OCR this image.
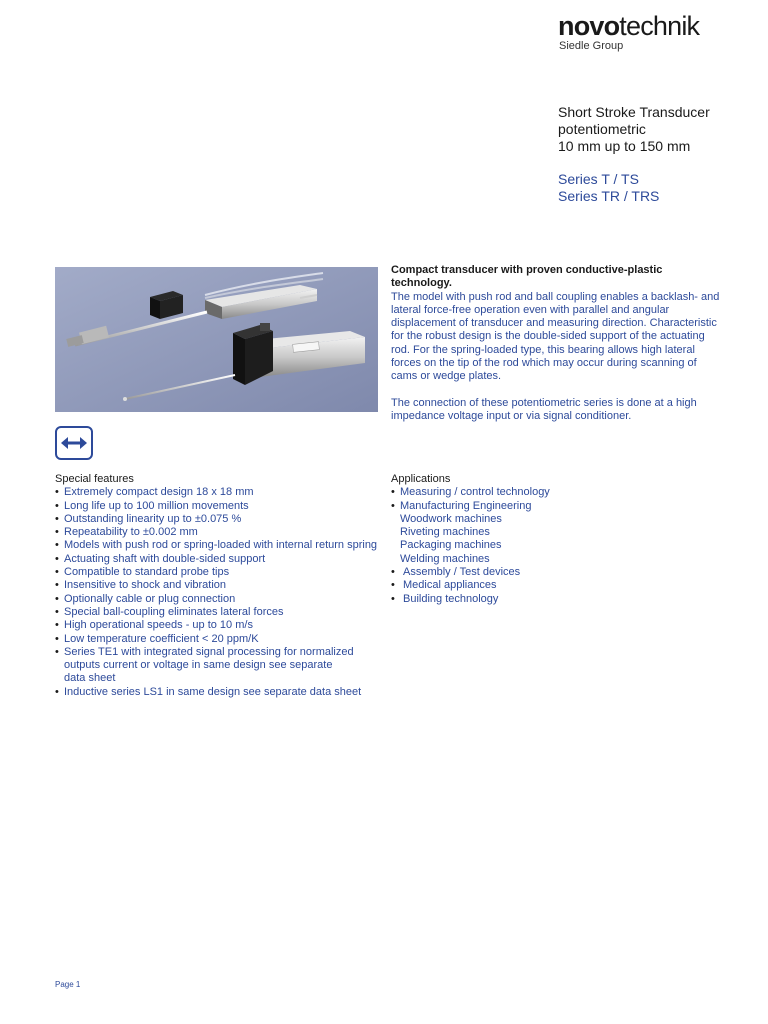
novotechnik
Siedle Group
Short Stroke Transducer
potentiometric
10 mm up to 150 mm
Series T / TS
Series TR / TRS
Compact transducer with proven conductive-plastic technology.
The model with push rod and ball coupling enables a backlash- and lateral force-free operation even with parallel and angular displacement of transducer and measuring direction. Characteristic for the robust design is the double-sided support of the actuating rod. For the spring-loaded type, this bearing allows high lateral forces on the tip of the rod which may occur during scanning of cams or wedge plates.
The connection of these potentiometric series is done at a high impedance voltage input or via signal conditioner.
Special features
• Extremely compact design 18 x 18 mm
• Long life up to 100 million movements
• Outstanding linearity up to ±0.075 %
• Repeatability to ±0.002 mm
• Models with push rod or spring-loaded with internal return spring
• Actuating shaft with double-sided support
• Compatible to standard probe tips
• Insensitive to shock and vibration
• Optionally cable or plug connection
• Special ball-coupling eliminates lateral forces
• High operational speeds - up to 10 m/s
• Low temperature coefficient < 20 ppm/K
• Series TE1 with integrated signal processing for normalized
outputs current or voltage in same design see separate
data sheet
• Inductive series LS1 in same design see separate data sheet
Applications
• Measuring / control technology
• Manufacturing Engineering
Woodwork machines
Riveting machines
Packaging machines
Welding machines
• Assembly / Test devices
• Medical appliances
• Building technology
Page 1
